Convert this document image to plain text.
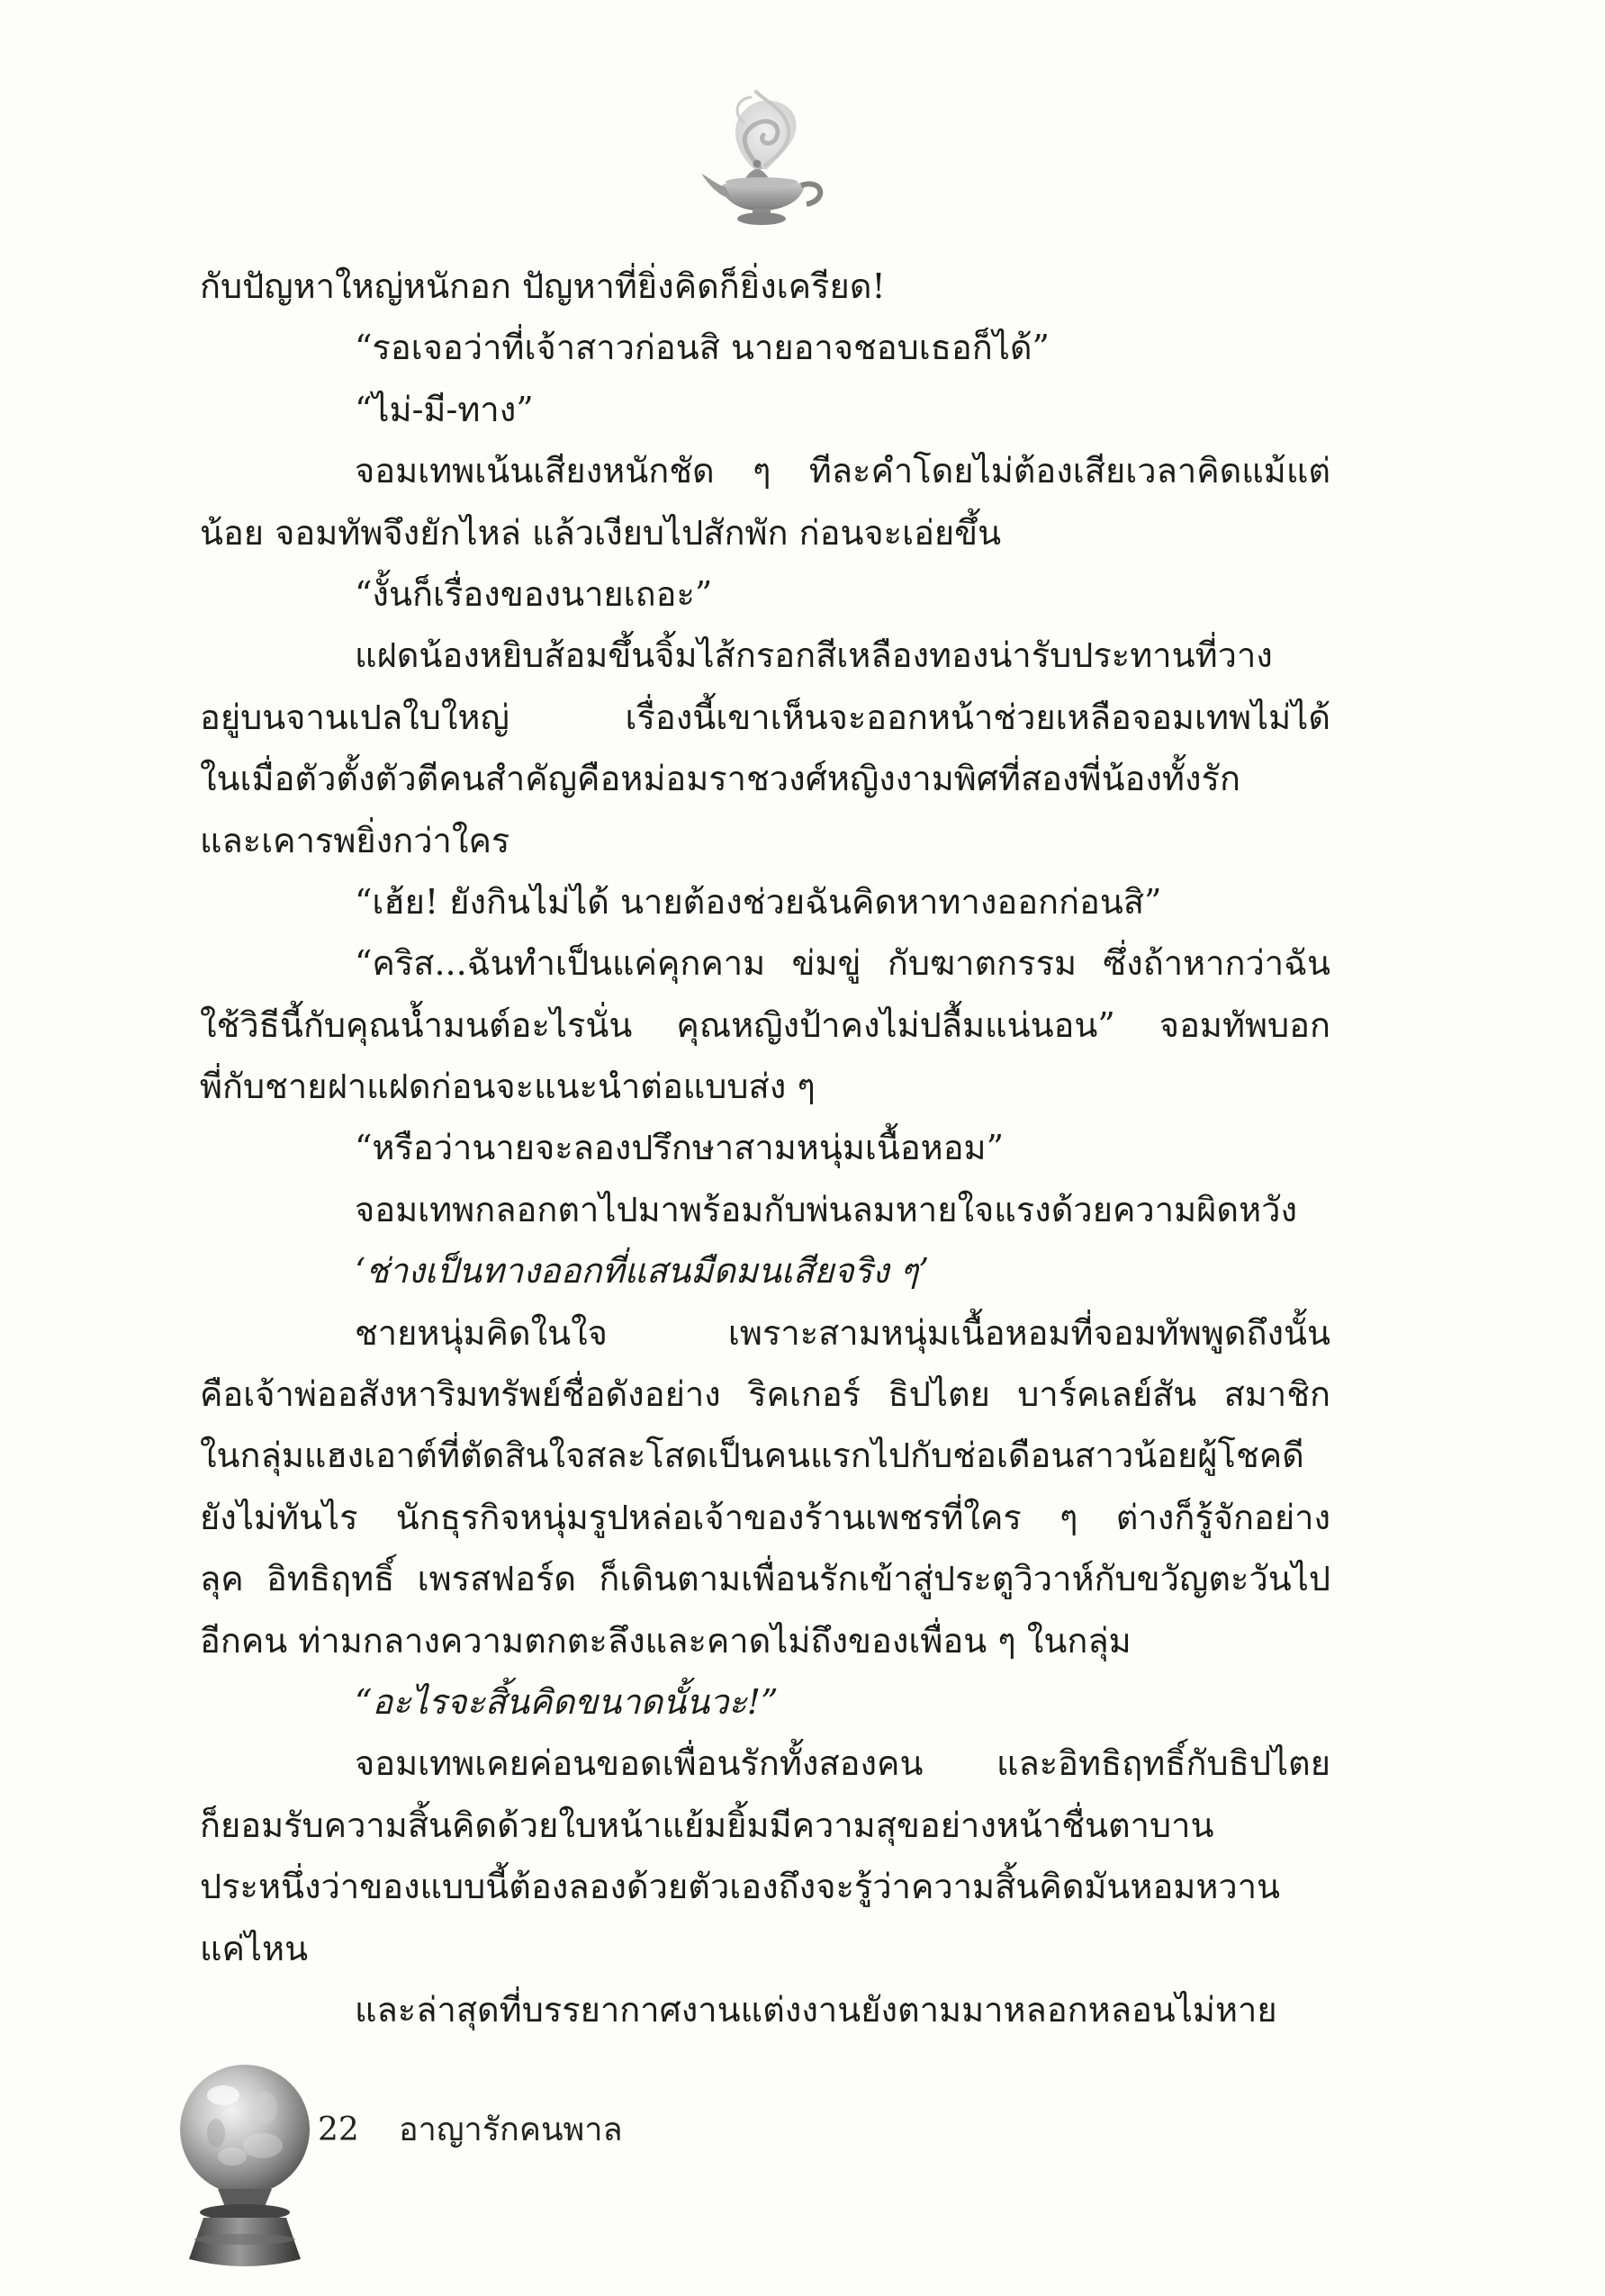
กับปัญหาใหญ่หนักอก ปัญหาที่ยิ่งคิดก็ยิ่งเครียด!
“รอเจอว่าที่เจ้าสาวก่อนสิ นายอาจชอบเธอก็ได้”
“ไม่-มี-ทาง”
จอมเทพเน้นเสียงหนักชัด ๆ ทีละคำโดยไม่ต้องเสียเวลาคิดแม้แต่
น้อย จอมทัพจึงยักไหล่ แล้วเงียบไปสักพัก ก่อนจะเอ่ยขึ้น
“งั้นก็เรื่องของนายเถอะ”
แฝดน้องหยิบส้อมขึ้นจิ้มไส้กรอกสีเหลืองทองน่ารับประทานที่วาง
อยู่บนจานเปลใบใหญ่ เรื่องนี้เขาเห็นจะออกหน้าช่วยเหลือจอมเทพไม่ได้
ในเมื่อตัวตั้งตัวตีคนสำคัญคือหม่อมราชวงศ์หญิงงามพิศที่สองพี่น้องทั้งรัก
และเคารพยิ่งกว่าใคร
“เฮ้ย! ยังกินไม่ได้ นายต้องช่วยฉันคิดหาทางออกก่อนสิ”
“คริส...ฉันทำเป็นแค่คุกคาม ข่มขู่ กับฆาตกรรม ซึ่งถ้าหากว่าฉัน
ใช้วิธีนี้กับคุณน้ำมนต์อะไรนั่น คุณหญิงป้าคงไม่ปลื้มแน่นอน” จอมทัพบอก
พี่กับชายฝาแฝดก่อนจะแนะนำต่อแบบส่ง ๆ
“หรือว่านายจะลองปรึกษาสามหนุ่มเนื้อหอม”
จอมเทพกลอกตาไปมาพร้อมกับพ่นลมหายใจแรงด้วยความผิดหวัง
‘ช่างเป็นทางออกที่แสนมืดมนเสียจริง ๆ’
ชายหนุ่มคิดในใจ เพราะสามหนุ่มเนื้อหอมที่จอมทัพพูดถึงนั้น
คือเจ้าพ่ออสังหาริมทรัพย์ชื่อดังอย่าง ริคเกอร์ ธิปไตย บาร์คเลย์สัน สมาชิก
ในกลุ่มแฮงเอาต์ที่ตัดสินใจสละโสดเป็นคนแรกไปกับช่อเดือนสาวน้อยผู้โชคดี
ยังไม่ทันไร นักธุรกิจหนุ่มรูปหล่อเจ้าของร้านเพชรที่ใคร ๆ ต่างก็รู้จักอย่าง
ลุค อิทธิฤทธิ์ เพรสฟอร์ด ก็เดินตามเพื่อนรักเข้าสู่ประตูวิวาห์กับขวัญตะวันไป
อีกคน ท่ามกลางความตกตะลึงและคาดไม่ถึงของเพื่อน ๆ ในกลุ่ม
“อะไรจะสิ้นคิดขนาดนั้นวะ!”
จอมเทพเคยค่อนขอดเพื่อนรักทั้งสองคน และอิทธิฤทธิ์กับธิปไตย
ก็ยอมรับความสิ้นคิดด้วยใบหน้าแย้มยิ้มมีความสุขอย่างหน้าชื่นตาบาน
ประหนึ่งว่าของแบบนี้ต้องลองด้วยตัวเองถึงจะรู้ว่าความสิ้นคิดมันหอมหวาน
แค่ไหน
และล่าสุดที่บรรยากาศงานแต่งงานยังตามมาหลอกหลอนไม่หาย
22 อาญารักคนพาล
